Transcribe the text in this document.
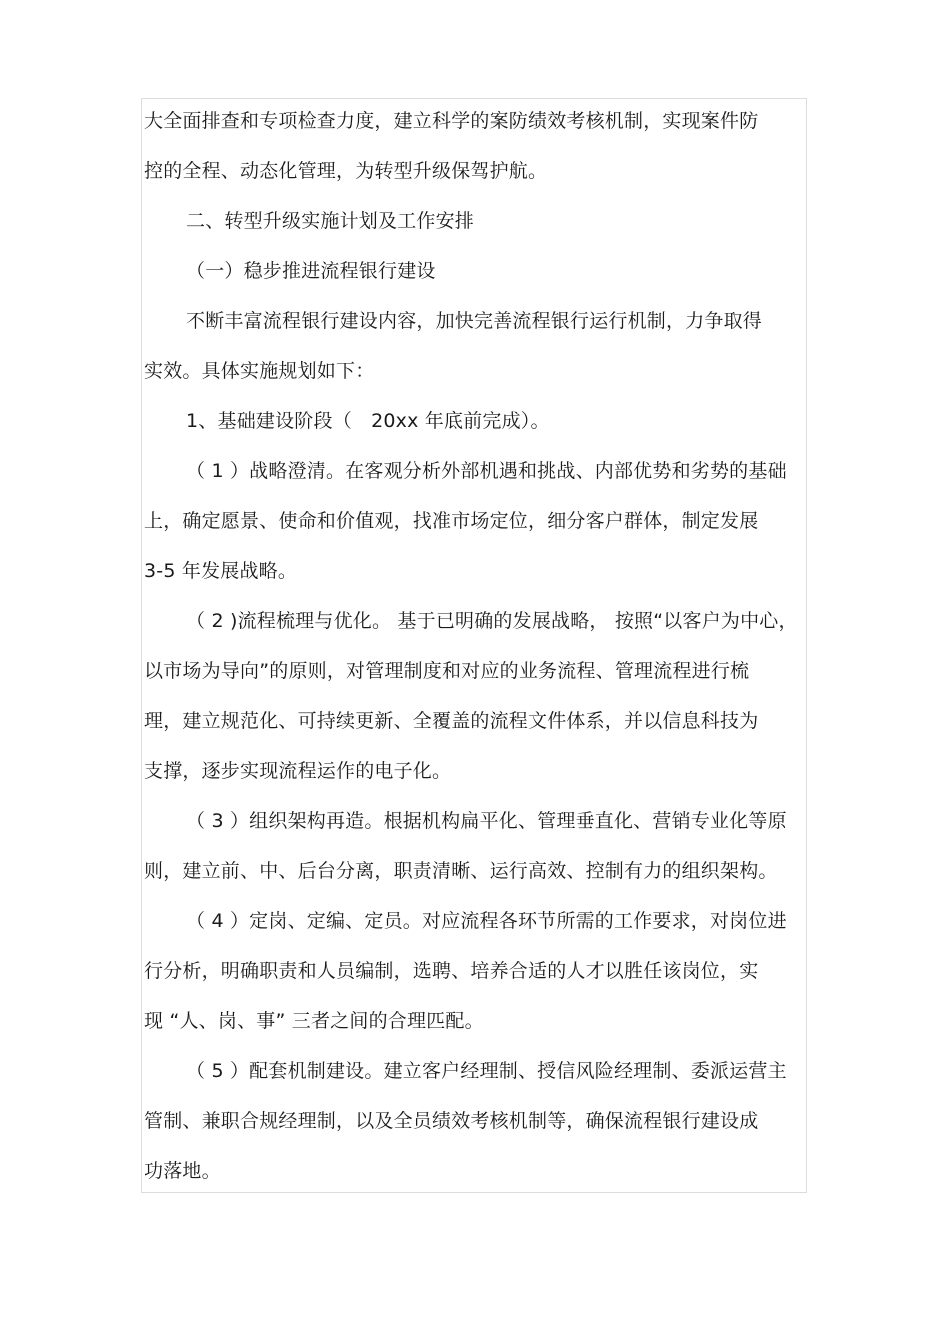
大全面排查和专项检查力度，建立科学的案防绩效考核机制，实现案件防
控的全程、动态化管理，为转型升级保驾护航。
二、转型升级实施计划及工作安排
（一）稳步推进流程银行建设
不断丰富流程银行建设内容，加快完善流程银行运行机制，力争取得
实效。具体实施规划如下：
1、基础建设阶段（　20xx 年底前完成）。
（ 1 ）战略澄清。在客观分析外部机遇和挑战、内部优势和劣势的基础
上，确定愿景、使命和价值观，找准市场定位，细分客户群体，制定发展
3-5 年发展战略。
（ 2 )流程梳理与优化。 基于已明确的发展战略， 按照“以客户为中心，
以市场为导向”的原则，对管理制度和对应的业务流程、管理流程进行梳
理，建立规范化、可持续更新、全覆盖的流程文件体系，并以信息科技为
支撑，逐步实现流程运作的电子化。
（ 3 ）组织架构再造。根据机构扁平化、管理垂直化、营销专业化等原
则，建立前、中、后台分离，职责清晰、运行高效、控制有力的组织架构。
（ 4 ）定岗、定编、定员。对应流程各环节所需的工作要求，对岗位进
行分析，明确职责和人员编制，选聘、培养合适的人才以胜任该岗位，实
现 “人、岗、事” 三者之间的合理匹配。
（ 5 ）配套机制建设。建立客户经理制、授信风险经理制、委派运营主
管制、兼职合规经理制，以及全员绩效考核机制等，确保流程银行建设成
功落地。
